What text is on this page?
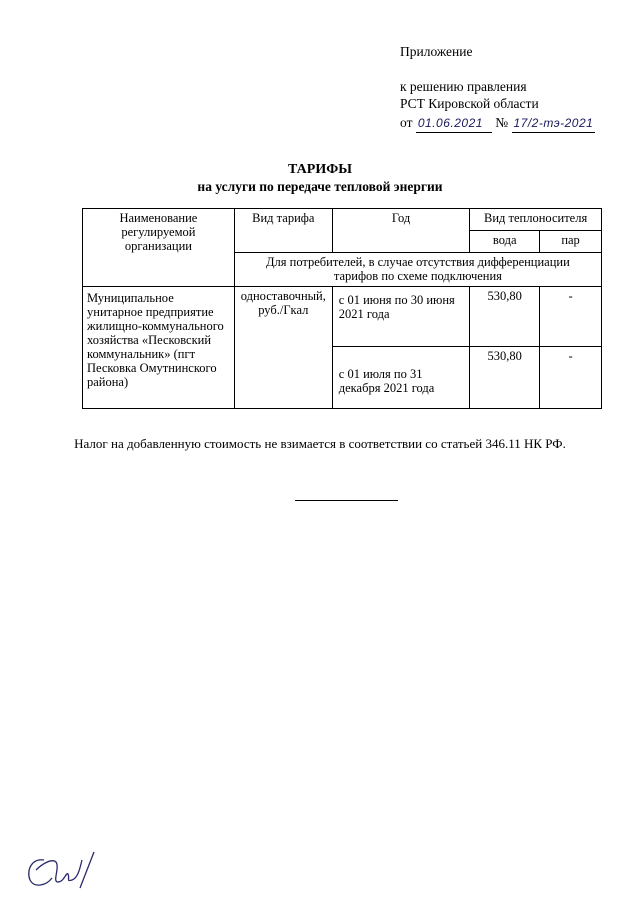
Приложение
к решению правления
РСТ Кировской области
от 01.06.2021 № 17/2-тэ-2021
ТАРИФЫ
на услуги по передаче тепловой энергии
Наименование регулируемой организации	Вид тарифа	Год	Вид теплоносителя	
			вода	пар
	Для потребителей, в случае отсутствия дифференциации тарифов по схеме подключения			
Муниципальное унитарное предприятие жилищно-коммунального хозяйства «Песковский коммунальник» (пгт Песковка Омутнинского района)	одноставочный, руб./Гкал	с 01 июня по 30 июня 2021 года	530,80	-
		с 01 июля по 31 декабря 2021 года	530,80	-
Налог на добавленную стоимость не взимается в соответствии со статьей 346.11 НК РФ.
